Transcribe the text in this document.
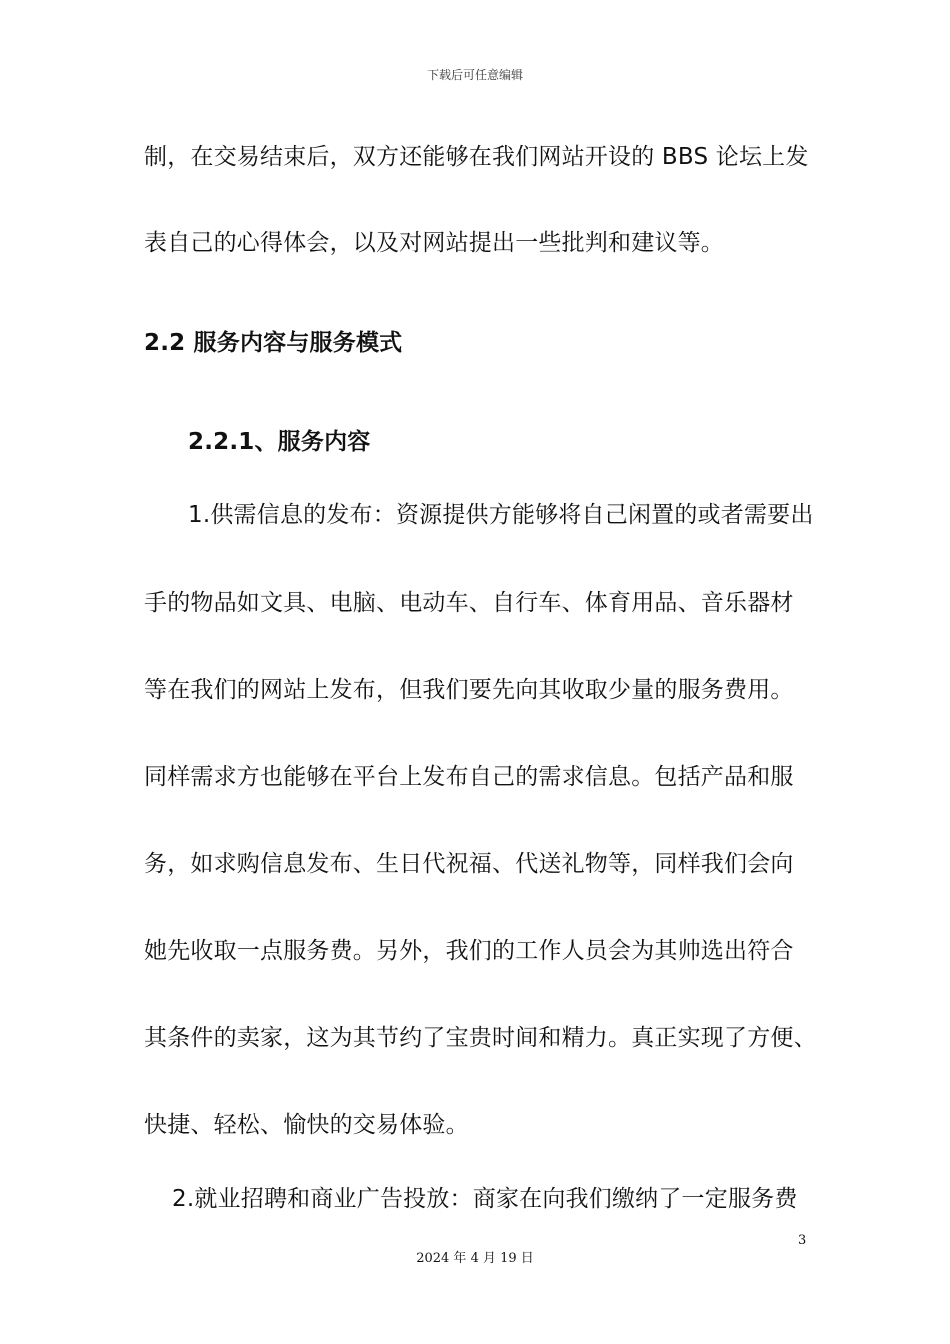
下载后可任意编辑
制，在交易结束后，双方还能够在我们网站开设的 BBS 论坛上发
表自己的心得体会，以及对网站提出一些批判和建议等。
2.2 服务内容与服务模式
2.2.1、服务内容
1.供需信息的发布：资源提供方能够将自己闲置的或者需要出
手的物品如文具、电脑、电动车、自行车、体育用品、音乐器材
等在我们的网站上发布，但我们要先向其收取少量的服务费用。
同样需求方也能够在平台上发布自己的需求信息。包括产品和服
务，如求购信息发布、生日代祝福、代送礼物等，同样我们会向
她先收取一点服务费。另外，我们的工作人员会为其帅选出符合
其条件的卖家，这为其节约了宝贵时间和精力。真正实现了方便、
快捷、轻松、愉快的交易体验。
2.就业招聘和商业广告投放：商家在向我们缴纳了一定服务费
3
2024 年 4 月 19 日
